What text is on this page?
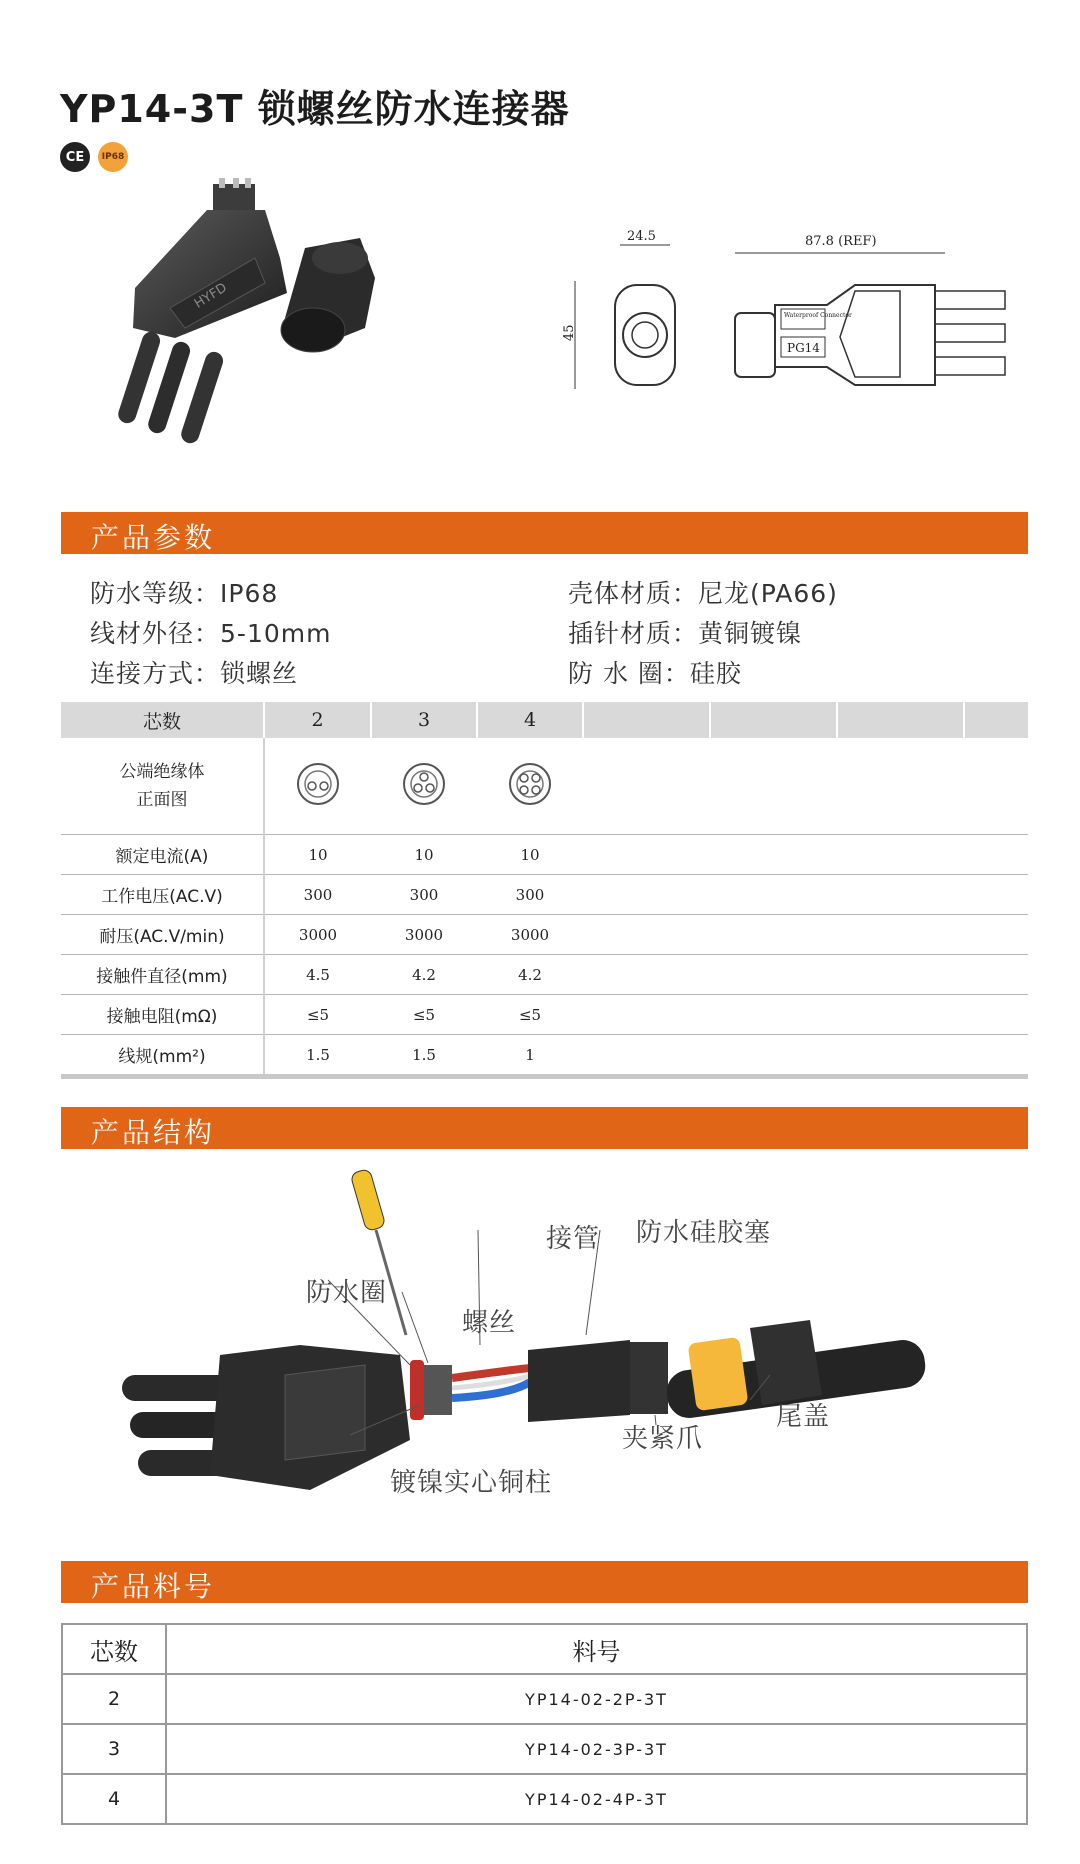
YP14-3T 锁螺丝防水连接器
CE	IP68
HYFD
24.5
45
87.8 (REF)
Waterproof Connector
PG14
产品参数
防水等级：IP68	壳体材质：尼龙(PA66)
线材外径：5-10mm	插针材质：黄铜镀镍
连接方式：锁螺丝	防 水 圈：硅胶
芯数	2	3	4				

公端绝缘体
正面图

额定电流(A)	10	10	10				
工作电压(AC.V)	300	300	300				
耐压(AC.V/min)	3000	3000	3000				
接触件直径(mm)	4.5	4.2	4.2				
接触电阻(mΩ)	≤5	≤5	≤5				
线规(mm²)	1.5	1.5	1				
产品结构
防水圈
螺丝
接管 防水硅胶塞
夹紧爪
尾盖
镀镍实心铜柱
产品料号
芯数	料号
2	YP14-02-2P-3T
3	YP14-02-3P-3T
4	YP14-02-4P-3T
